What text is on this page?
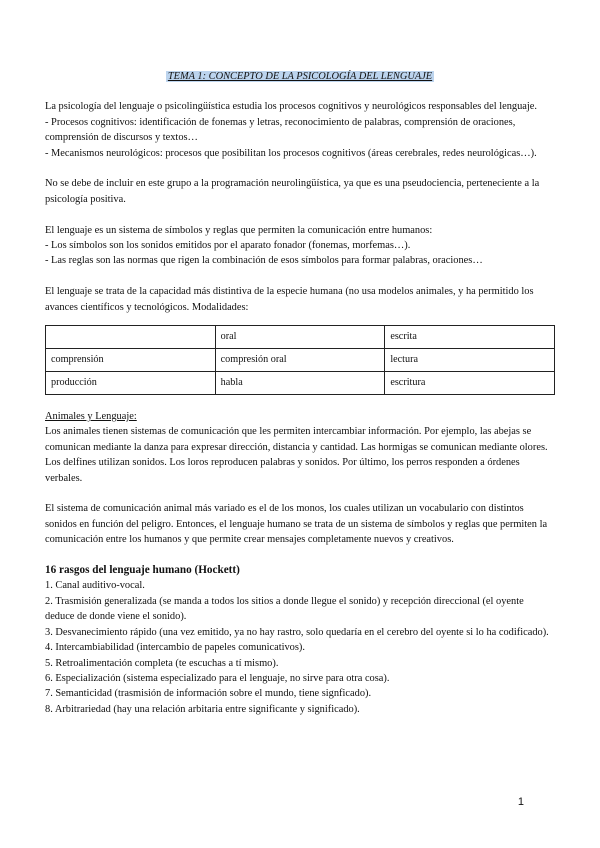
TEMA 1: CONCEPTO DE LA PSICOLOGÍA DEL LENGUAJE

La psicología del lenguaje o psicolingüística estudia los procesos cognitivos y neurológicos responsables del lenguaje.
- Procesos cognitivos: identificación de fonemas y letras, reconocimiento de palabras, comprensión de oraciones, comprensión de discursos y textos…
- Mecanismos neurológicos: procesos que posibilitan los procesos cognitivos (áreas cerebrales, redes neurológicas…).

No se debe de incluir en este grupo a la programación neurolingüística, ya que es una pseudociencia, perteneciente a la psicología positiva.

El lenguaje es un sistema de símbolos y reglas que permiten la comunicación entre humanos:
- Los símbolos son los sonidos emitidos por el aparato fonador (fonemas, morfemas…).
- Las reglas son las normas que rigen la combinación de esos símbolos para formar palabras, oraciones…

El lenguaje se trata de la capacidad más distintiva de la especie humana (no usa modelos animales, y ha permitido los avances científicos y tecnológicos. Modalidades:

	oral	escrita
comprensión	compresión oral	lectura
producción	habla	escritura

Animales y Lenguaje:
Los animales tienen sistemas de comunicación que les permiten intercambiar información. Por ejemplo, las abejas se comunican mediante la danza para expresar dirección, distancia y cantidad. Las hormigas se comunican mediante olores. Los delfines utilizan sonidos. Los loros reproducen palabras y sonidos. Por último, los perros responden a órdenes verbales.

El sistema de comunicación animal más variado es el de los monos, los cuales utilizan un vocabulario con distintos sonidos en función del peligro. Entonces, el lenguaje humano se trata de un sistema de símbolos y reglas que permiten la comunicación entre los humanos y que permite crear mensajes completamente nuevos y creativos.

16 rasgos del lenguaje humano (Hockett)
1. Canal auditivo-vocal.
2. Trasmisión generalizada (se manda a todos los sitios a donde llegue el sonido) y recepción direccional (el oyente deduce de donde viene el sonido).
3. Desvanecimiento rápido (una vez emitido, ya no hay rastro, solo quedaría en el cerebro del oyente si lo ha codificado).
4. Intercambiabilidad (intercambio de papeles comunicativos).
5. Retroalimentación completa (te escuchas a tí mismo).
6. Especialización (sistema especializado para el lenguaje, no sirve para otra cosa).
7. Semanticidad (trasmisión de información sobre el mundo, tiene signficado).
8. Arbitrariedad (hay una relación arbitaria entre significante y significado).
1
